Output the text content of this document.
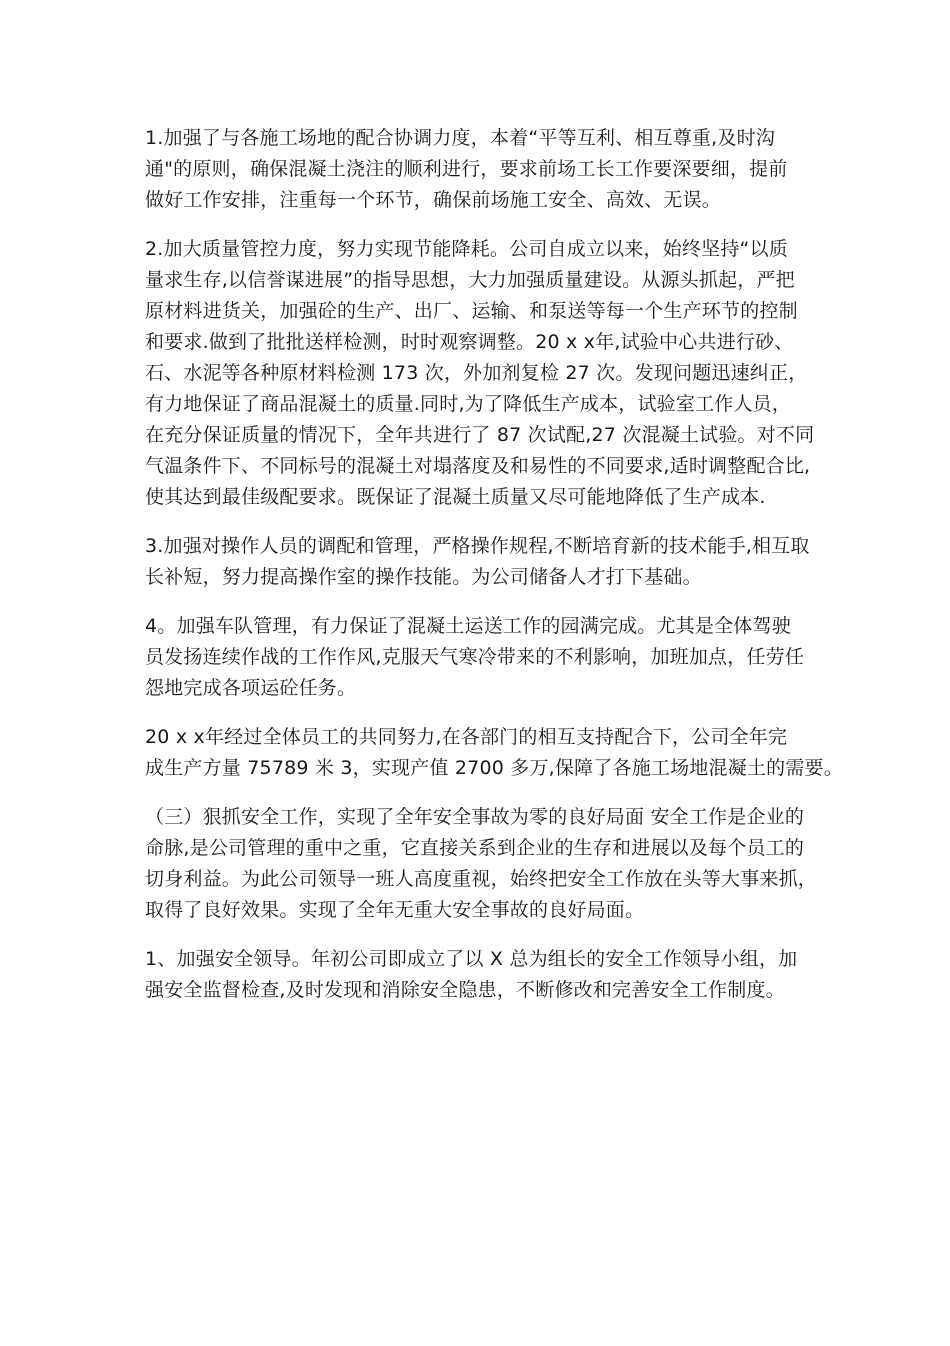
1.加强了与各施工场地的配合协调力度，本着“平等互利、相互尊重,及时沟
通"的原则，确保混凝土浇注的顺利进行，要求前场工长工作要深要细，提前
做好工作安排，注重每一个环节，确保前场施工安全、高效、无误。
2.加大质量管控力度，努力实现节能降耗。公司自成立以来，始终坚持“以质
量求生存,以信誉谋进展”的指导思想，大力加强质量建设。从源头抓起，严把
原材料进货关，加强砼的生产、出厂、运输、和泵送等每一个生产环节的控制
和要求.做到了批批送样检测，时时观察调整。20 x x年,试验中心共进行砂、
石、水泥等各种原材料检测 173 次，外加剂复检 27 次。发现问题迅速纠正，
有力地保证了商品混凝土的质量.同时,为了降低生产成本，试验室工作人员，
在充分保证质量的情况下，全年共进行了 87 次试配,27 次混凝土试验。对不同
气温条件下、不同标号的混凝土对塌落度及和易性的不同要求,适时调整配合比,
使其达到最佳级配要求。既保证了混凝土质量又尽可能地降低了生产成本.
3.加强对操作人员的调配和管理，严格操作规程,不断培育新的技术能手,相互取
长补短，努力提高操作室的操作技能。为公司储备人才打下基础。
4。加强车队管理，有力保证了混凝土运送工作的园满完成。尤其是全体驾驶
员发扬连续作战的工作作风,克服天气寒冷带来的不利影响，加班加点，任劳任
怨地完成各项运砼任务。
20 x x年经过全体员工的共同努力,在各部门的相互支持配合下，公司全年完
成生产方量 75789 米 3，实现产值 2700 多万,保障了各施工场地混凝土的需要。
（三）狠抓安全工作，实现了全年安全事故为零的良好局面 安全工作是企业的
命脉,是公司管理的重中之重，它直接关系到企业的生存和进展以及每个员工的
切身利益。为此公司领导一班人高度重视，始终把安全工作放在头等大事来抓，
取得了良好效果。实现了全年无重大安全事故的良好局面。
1、加强安全领导。年初公司即成立了以 X 总为组长的安全工作领导小组，加
强安全监督检查,及时发现和消除安全隐患，不断修改和完善安全工作制度。
